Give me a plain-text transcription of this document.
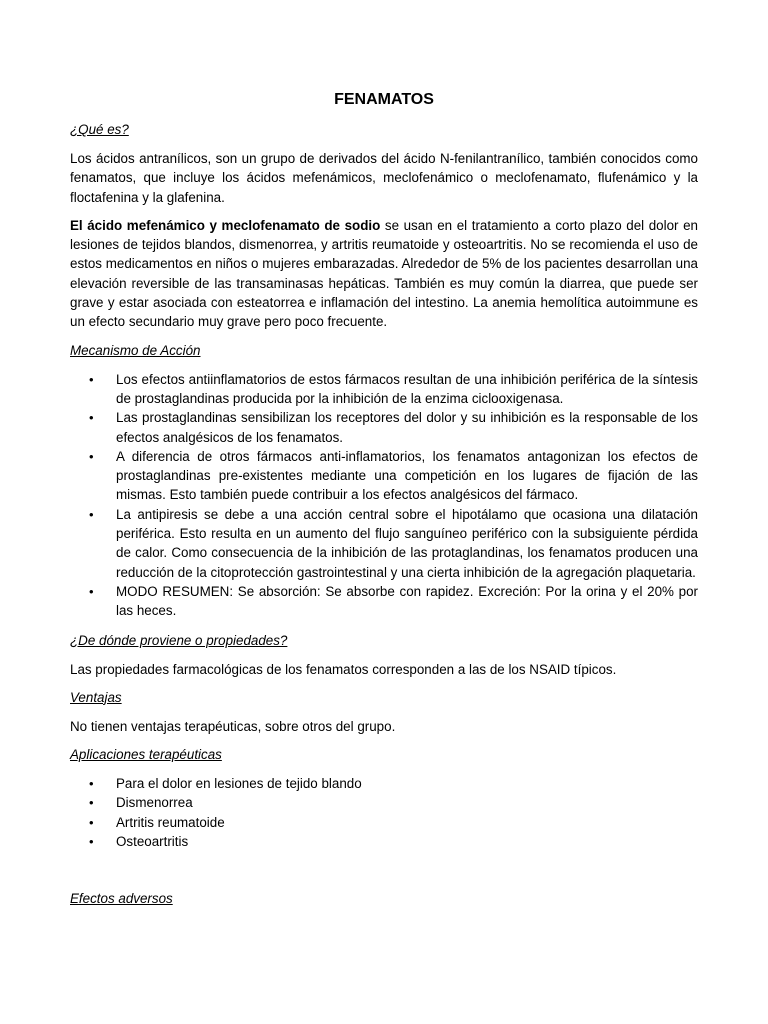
FENAMATOS
¿Qué es?
Los ácidos antranílicos, son un grupo de derivados del ácido N-fenilantranílico, también conocidos como fenamatos, que incluye los ácidos mefenámicos, meclofenámico o meclofenamato, flufenámico y la floctafenina y la glafenina.
El ácido mefenámico y meclofenamato de sodio se usan en el tratamiento a corto plazo del dolor en lesiones de tejidos blandos, dismenorrea, y artritis reumatoide y osteoartritis. No se recomienda el uso de estos medicamentos en niños o mujeres embarazadas. Alrededor de 5% de los pacientes desarrollan una elevación reversible de las transaminasas hepáticas. También es muy común la diarrea, que puede ser grave y estar asociada con esteatorrea e inflamación del intestino. La anemia hemolítica autoimmune es un efecto secundario muy grave pero poco frecuente.
Mecanismo de Acción
• Los efectos antiinflamatorios de estos fármacos resultan de una inhibición periférica de la síntesis de prostaglandinas producida por la inhibición de la enzima ciclooxigenasa.
• Las prostaglandinas sensibilizan los receptores del dolor y su inhibición es la responsable de los efectos analgésicos de los fenamatos.
• A diferencia de otros fármacos anti-inflamatorios, los fenamatos antagonizan los efectos de prostaglandinas pre-existentes mediante una competición en los lugares de fijación de las mismas. Esto también puede contribuir a los efectos analgésicos del fármaco.
• La antipiresis se debe a una acción central sobre el hipotálamo que ocasiona una dilatación periférica. Esto resulta en un aumento del flujo sanguíneo periférico con la subsiguiente pérdida de calor. Como consecuencia de la inhibición de las protaglandinas, los fenamatos producen una reducción de la citoprotección gastrointestinal y una cierta inhibición de la agregación plaquetaria.
• MODO RESUMEN: Se absorción: Se absorbe con rapidez. Excreción: Por la orina y el 20% por las heces.
¿De dónde proviene o propiedades?
Las propiedades farmacológicas de los fenamatos corresponden a las de los NSAID típicos.
Ventajas
No tienen ventajas terapéuticas, sobre otros del grupo.
Aplicaciones terapéuticas
• Para el dolor en lesiones de tejido blando
• Dismenorrea
• Artritis reumatoide
• Osteoartritis
Efectos adversos
